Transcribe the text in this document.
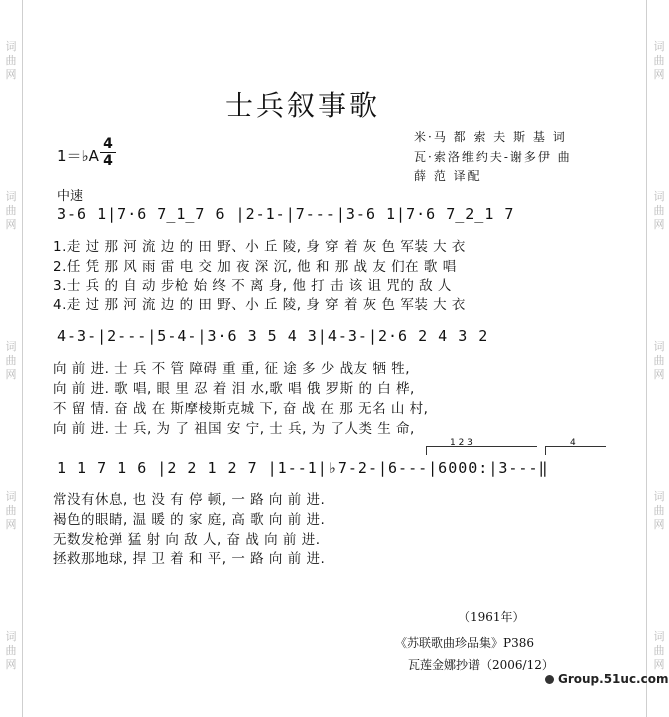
词曲网
词曲网
词曲网
词曲网
词曲网
词曲网
词曲网
词曲网
词曲网
词曲网
士兵叙事歌
1＝♭A
4
4
米·马 都 索 夫 斯 基 词
瓦·索洛维约夫-谢多伊 曲
薛 范 译配
中速
3-6 1|7·6 7̲1̲7 6 |2-1-|7---|3-6 1|7·6 7̲2̲1 7
1.走 过 那 河 流 边 的 田 野、小 丘 陵, 身 穿 着 灰 色 军装 大 衣
2.任 凭 那 风 雨 雷 电 交 加 夜 深 沉, 他 和 那 战 友 们在 歌 唱
3.士 兵 的 自 动 步枪 始 终 不 离 身, 他 打 击 该 诅 咒的 敌 人
4.走 过 那 河 流 边 的 田 野、小 丘 陵, 身 穿 着 灰 色 军装 大 衣
4-3-|2---|5-4-|3·6 3 5 4 3|4-3-|2·6 2 4 3 2
向 前 进. 士 兵 不 管 障碍 重 重, 征 途 多 少 战友 牺 牲,
向 前 进. 歌 唱, 眼 里 忍 着 泪 水,歌 唱 俄 罗斯 的 白 桦,
不 留 情. 奋 战 在 斯摩棱斯克城 下, 奋 战 在 那 无名 山 村,
向 前 进. 士 兵, 为 了 祖国 安 宁, 士 兵, 为 了人类 生 命,
1 2 3	4
1 1 7 1 6 |2 2 1 2 7 |1--1|♭7-2-|6---|6000:|3---‖
常没有休息, 也 没 有 停 顿, 一 路 向 前 进.
褐色的眼睛, 温 暖 的 家 庭, 高 歌 向 前 进.
无数发枪弹 猛 射 向 敌 人, 奋 战 向 前 进.
拯救那地球, 捍 卫 着 和 平, 一 路 向 前 进.
（1961年）
《苏联歌曲珍品集》P386
瓦莲金娜抄谱（2006/12）
Group.51uc.com
